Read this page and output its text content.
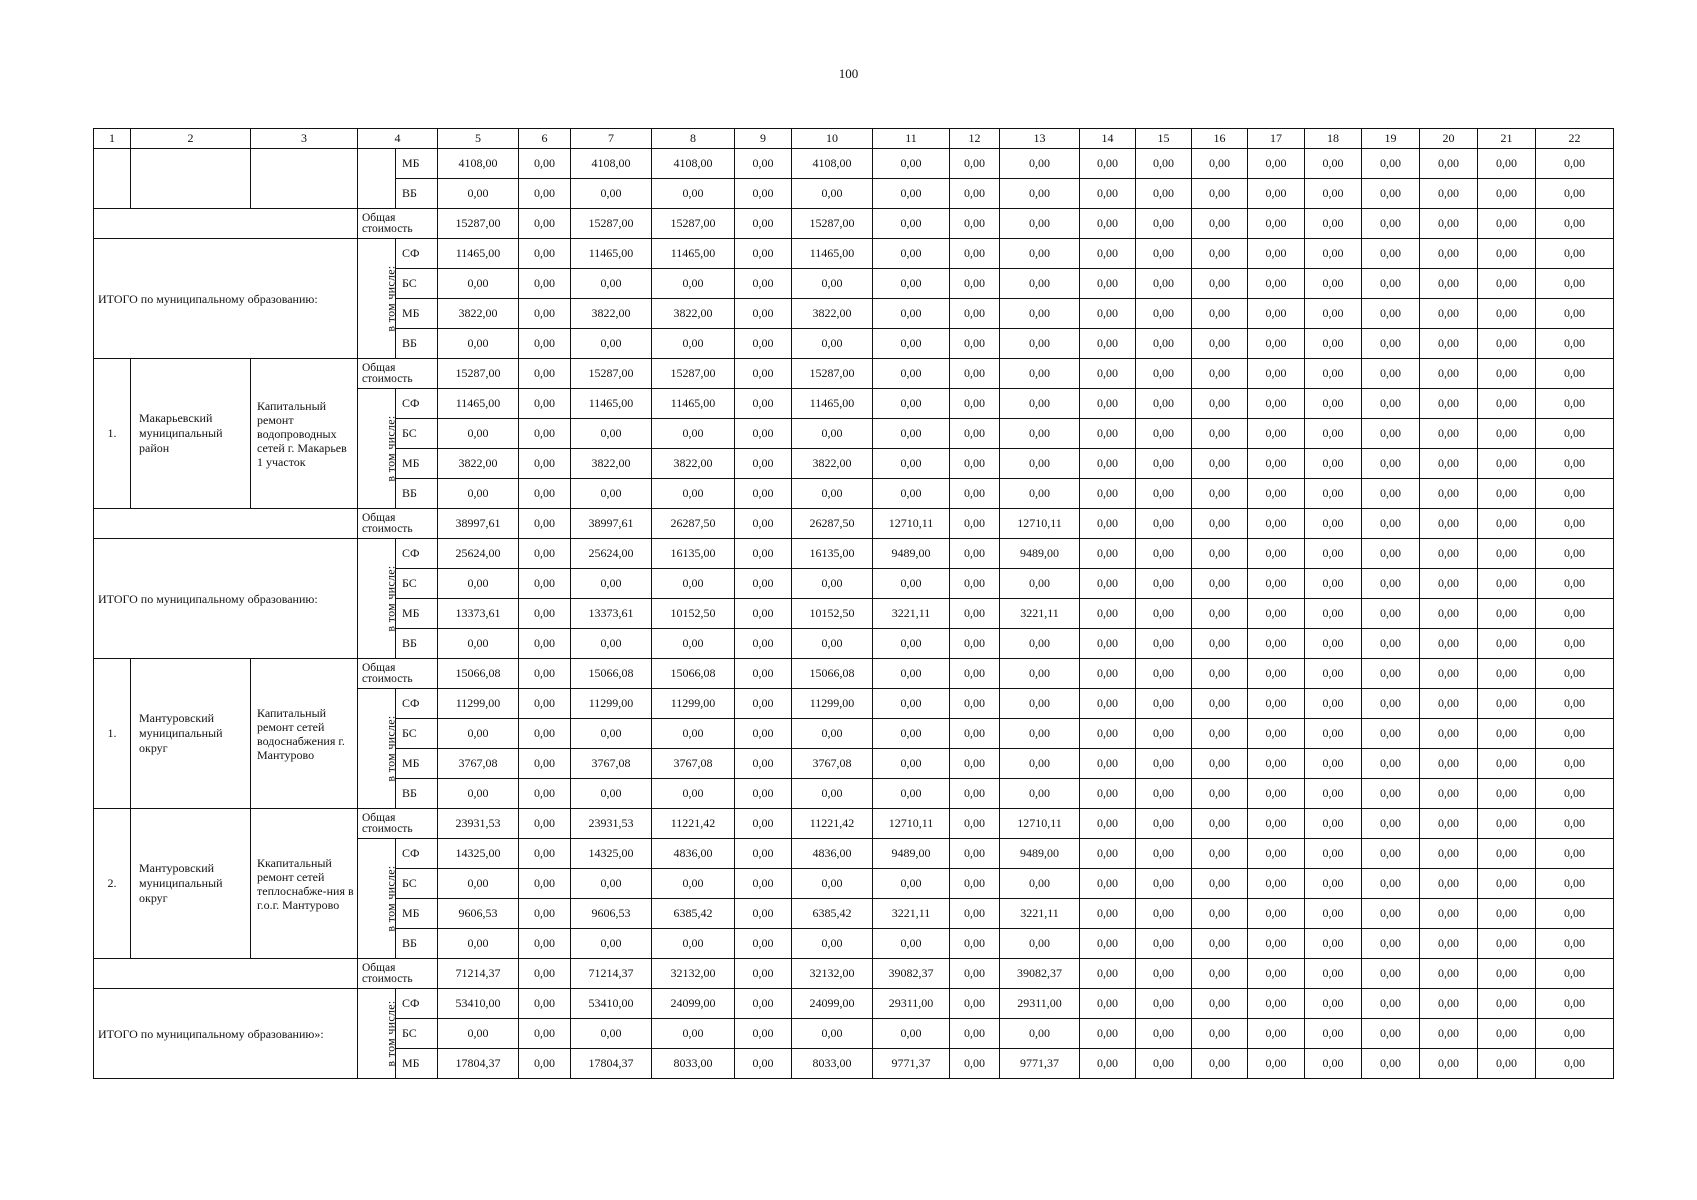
100
1	2	3	4		5	6	7	8	9	10	11	12	13	14	15	16	17	18	19	20	21	22
				МБ	4108,00	0,00	4108,00	4108,00	0,00	4108,00	0,00	0,00	0,00	0,00	0,00	0,00	0,00	0,00	0,00	0,00	0,00	0,00
				ВБ	0,00	0,00	0,00	0,00	0,00	0,00	0,00	0,00	0,00	0,00	0,00	0,00	0,00	0,00	0,00	0,00	0,00	0,00
			Общая стоимость		15287,00	0,00	15287,00	15287,00	0,00	15287,00	0,00	0,00	0,00	0,00	0,00	0,00	0,00	0,00	0,00	0,00	0,00	0,00
ИТОГО по муниципальному образованию:			в том числе:	СФ	11465,00	0,00	11465,00	11465,00	0,00	11465,00	0,00	0,00	0,00	0,00	0,00	0,00	0,00	0,00	0,00	0,00	0,00	0,00
				БС	0,00	0,00	0,00	0,00	0,00	0,00	0,00	0,00	0,00	0,00	0,00	0,00	0,00	0,00	0,00	0,00	0,00	0,00
				МБ	3822,00	0,00	3822,00	3822,00	0,00	3822,00	0,00	0,00	0,00	0,00	0,00	0,00	0,00	0,00	0,00	0,00	0,00	0,00
				ВБ	0,00	0,00	0,00	0,00	0,00	0,00	0,00	0,00	0,00	0,00	0,00	0,00	0,00	0,00	0,00	0,00	0,00	0,00
1.	Макарьевский муниципальный район	Капитальный ремонт водопроводных сетей г. Макарьев 1 участок	Общая стоимость		15287,00	0,00	15287,00	15287,00	0,00	15287,00	0,00	0,00	0,00	0,00	0,00	0,00	0,00	0,00	0,00	0,00	0,00	0,00
			в том числе:	СФ	11465,00	0,00	11465,00	11465,00	0,00	11465,00	0,00	0,00	0,00	0,00	0,00	0,00	0,00	0,00	0,00	0,00	0,00	0,00
				БС	0,00	0,00	0,00	0,00	0,00	0,00	0,00	0,00	0,00	0,00	0,00	0,00	0,00	0,00	0,00	0,00	0,00	0,00
				МБ	3822,00	0,00	3822,00	3822,00	0,00	3822,00	0,00	0,00	0,00	0,00	0,00	0,00	0,00	0,00	0,00	0,00	0,00	0,00
				ВБ	0,00	0,00	0,00	0,00	0,00	0,00	0,00	0,00	0,00	0,00	0,00	0,00	0,00	0,00	0,00	0,00	0,00	0,00
			Общая стоимость		38997,61	0,00	38997,61	26287,50	0,00	26287,50	12710,11	0,00	12710,11	0,00	0,00	0,00	0,00	0,00	0,00	0,00	0,00	0,00
ИТОГО по муниципальному образованию:			в том числе:	СФ	25624,00	0,00	25624,00	16135,00	0,00	16135,00	9489,00	0,00	9489,00	0,00	0,00	0,00	0,00	0,00	0,00	0,00	0,00	0,00
				БС	0,00	0,00	0,00	0,00	0,00	0,00	0,00	0,00	0,00	0,00	0,00	0,00	0,00	0,00	0,00	0,00	0,00	0,00
				МБ	13373,61	0,00	13373,61	10152,50	0,00	10152,50	3221,11	0,00	3221,11	0,00	0,00	0,00	0,00	0,00	0,00	0,00	0,00	0,00
				ВБ	0,00	0,00	0,00	0,00	0,00	0,00	0,00	0,00	0,00	0,00	0,00	0,00	0,00	0,00	0,00	0,00	0,00	0,00
1.	Мантуровский муниципальный округ	Капитальный ремонт сетей водоснабжения г. Мантурово	Общая стоимость		15066,08	0,00	15066,08	15066,08	0,00	15066,08	0,00	0,00	0,00	0,00	0,00	0,00	0,00	0,00	0,00	0,00	0,00	0,00
			в том числе:	СФ	11299,00	0,00	11299,00	11299,00	0,00	11299,00	0,00	0,00	0,00	0,00	0,00	0,00	0,00	0,00	0,00	0,00	0,00	0,00
				БС	0,00	0,00	0,00	0,00	0,00	0,00	0,00	0,00	0,00	0,00	0,00	0,00	0,00	0,00	0,00	0,00	0,00	0,00
				МБ	3767,08	0,00	3767,08	3767,08	0,00	3767,08	0,00	0,00	0,00	0,00	0,00	0,00	0,00	0,00	0,00	0,00	0,00	0,00
				ВБ	0,00	0,00	0,00	0,00	0,00	0,00	0,00	0,00	0,00	0,00	0,00	0,00	0,00	0,00	0,00	0,00	0,00	0,00
2.	Мантуровский муниципальный округ	Ккапитальный ремонт сетей теплоснабже-ния в г.о.г. Мантурово	Общая стоимость		23931,53	0,00	23931,53	11221,42	0,00	11221,42	12710,11	0,00	12710,11	0,00	0,00	0,00	0,00	0,00	0,00	0,00	0,00	0,00
			в том числе:	СФ	14325,00	0,00	14325,00	4836,00	0,00	4836,00	9489,00	0,00	9489,00	0,00	0,00	0,00	0,00	0,00	0,00	0,00	0,00	0,00
				БС	0,00	0,00	0,00	0,00	0,00	0,00	0,00	0,00	0,00	0,00	0,00	0,00	0,00	0,00	0,00	0,00	0,00	0,00
				МБ	9606,53	0,00	9606,53	6385,42	0,00	6385,42	3221,11	0,00	3221,11	0,00	0,00	0,00	0,00	0,00	0,00	0,00	0,00	0,00
				ВБ	0,00	0,00	0,00	0,00	0,00	0,00	0,00	0,00	0,00	0,00	0,00	0,00	0,00	0,00	0,00	0,00	0,00	0,00
			Общая стоимость		71214,37	0,00	71214,37	32132,00	0,00	32132,00	39082,37	0,00	39082,37	0,00	0,00	0,00	0,00	0,00	0,00	0,00	0,00	0,00
ИТОГО по муниципальному образованию»:			в том числе:	СФ	53410,00	0,00	53410,00	24099,00	0,00	24099,00	29311,00	0,00	29311,00	0,00	0,00	0,00	0,00	0,00	0,00	0,00	0,00	0,00
				БС	0,00	0,00	0,00	0,00	0,00	0,00	0,00	0,00	0,00	0,00	0,00	0,00	0,00	0,00	0,00	0,00	0,00	0,00
				МБ	17804,37	0,00	17804,37	8033,00	0,00	8033,00	9771,37	0,00	9771,37	0,00	0,00	0,00	0,00	0,00	0,00	0,00	0,00	0,00
